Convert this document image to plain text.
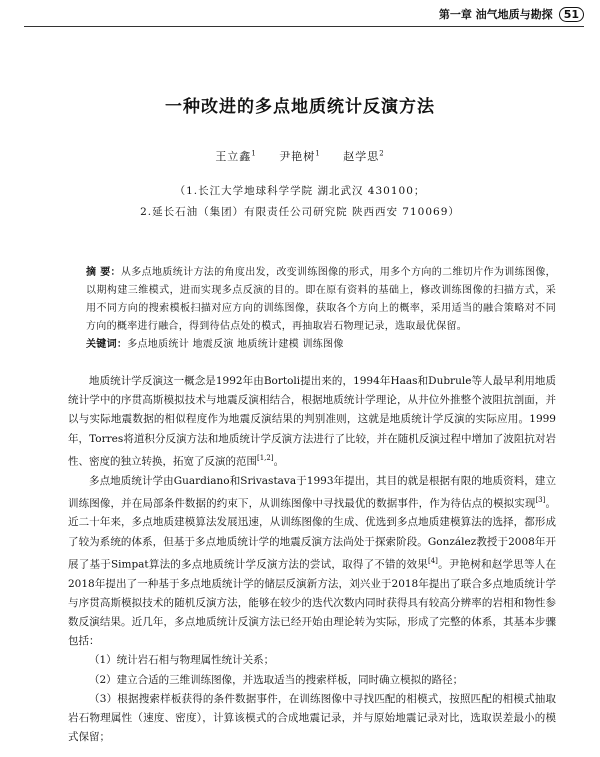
第一章 油气地质与勘探	51
一种改进的多点地质统计反演方法
王立鑫$^1$ 尹艳树$^1$ 赵学思$^2$
（1.长江大学地球科学学院 湖北武汉 430100；
2.延长石油（集团）有限责任公司研究院 陕西西安 710069）
摘 要：从多点地质统计方法的角度出发，改变训练图像的形式，用多个方向的二维切片作为训练图像，以期构建三维模式，进而实现多点反演的目的。即在原有资料的基础上，修改训练图像的扫描方式，采用不同方向的搜索模板扫描对应方向的训练图像，获取各个方向上的概率，采用适当的融合策略对不同方向的概率进行融合，得到待估点处的模式，再抽取岩石物理记录，选取最优保留。
关键词：多点地质统计 地震反演 地质统计建模 训练图像

地质统计学反演这一概念是1992年由Bortoli提出来的，1994年Haas和Dubrule等人最早利用地质统计学中的序贯高斯模拟技术与地震反演相结合，根据地质统计学理论，从井位外推整个波阻抗剖面，并以与实际地震数据的相似程度作为地震反演结果的判别准则，这就是地质统计学反演的实际应用。1999年，Torres将道积分反演方法和地质统计学反演方法进行了比较，并在随机反演过程中增加了波阻抗对岩性、密度的独立转换，拓宽了反演的范围[1,2]。

多点地质统计学由Guardiano和Srivastava于1993年提出，其目的就是根据有限的地质资料，建立训练图像，并在局部条件数据的约束下，从训练图像中寻找最优的数据事件，作为待估点的模拟实现[3]。近二十年来，多点地质建模算法发展迅速，从训练图像的生成、优选到多点地质建模算法的选择，都形成了较为系统的体系，但基于多点地质统计学的地震反演方法尚处于探索阶段。González教授于2008年开展了基于Simpat算法的多点地质统计学反演方法的尝试，取得了不错的效果[4]。尹艳树和赵学思等人在2018年提出了一种基于多点地质统计学的储层反演新方法，刘兴业于2018年提出了联合多点地质统计学与序贯高斯模拟技术的随机反演方法，能够在较少的迭代次数内同时获得具有较高分辨率的岩相和物性参数反演结果。近几年，多点地质统计反演方法已经开始由理论转为实际，形成了完整的体系，其基本步骤包括：

（1）统计岩石相与物理属性统计关系；
（2）建立合适的三维训练图像，并选取适当的搜索样板，同时确立模拟的路径；
（3）根据搜索样板获得的条件数据事件，在训练图像中寻找匹配的相模式，按照匹配的相模式抽取岩石物理属性（速度、密度），计算该模式的合成地震记录，并与原始地震记录对比，选取误差最小的模式保留；
